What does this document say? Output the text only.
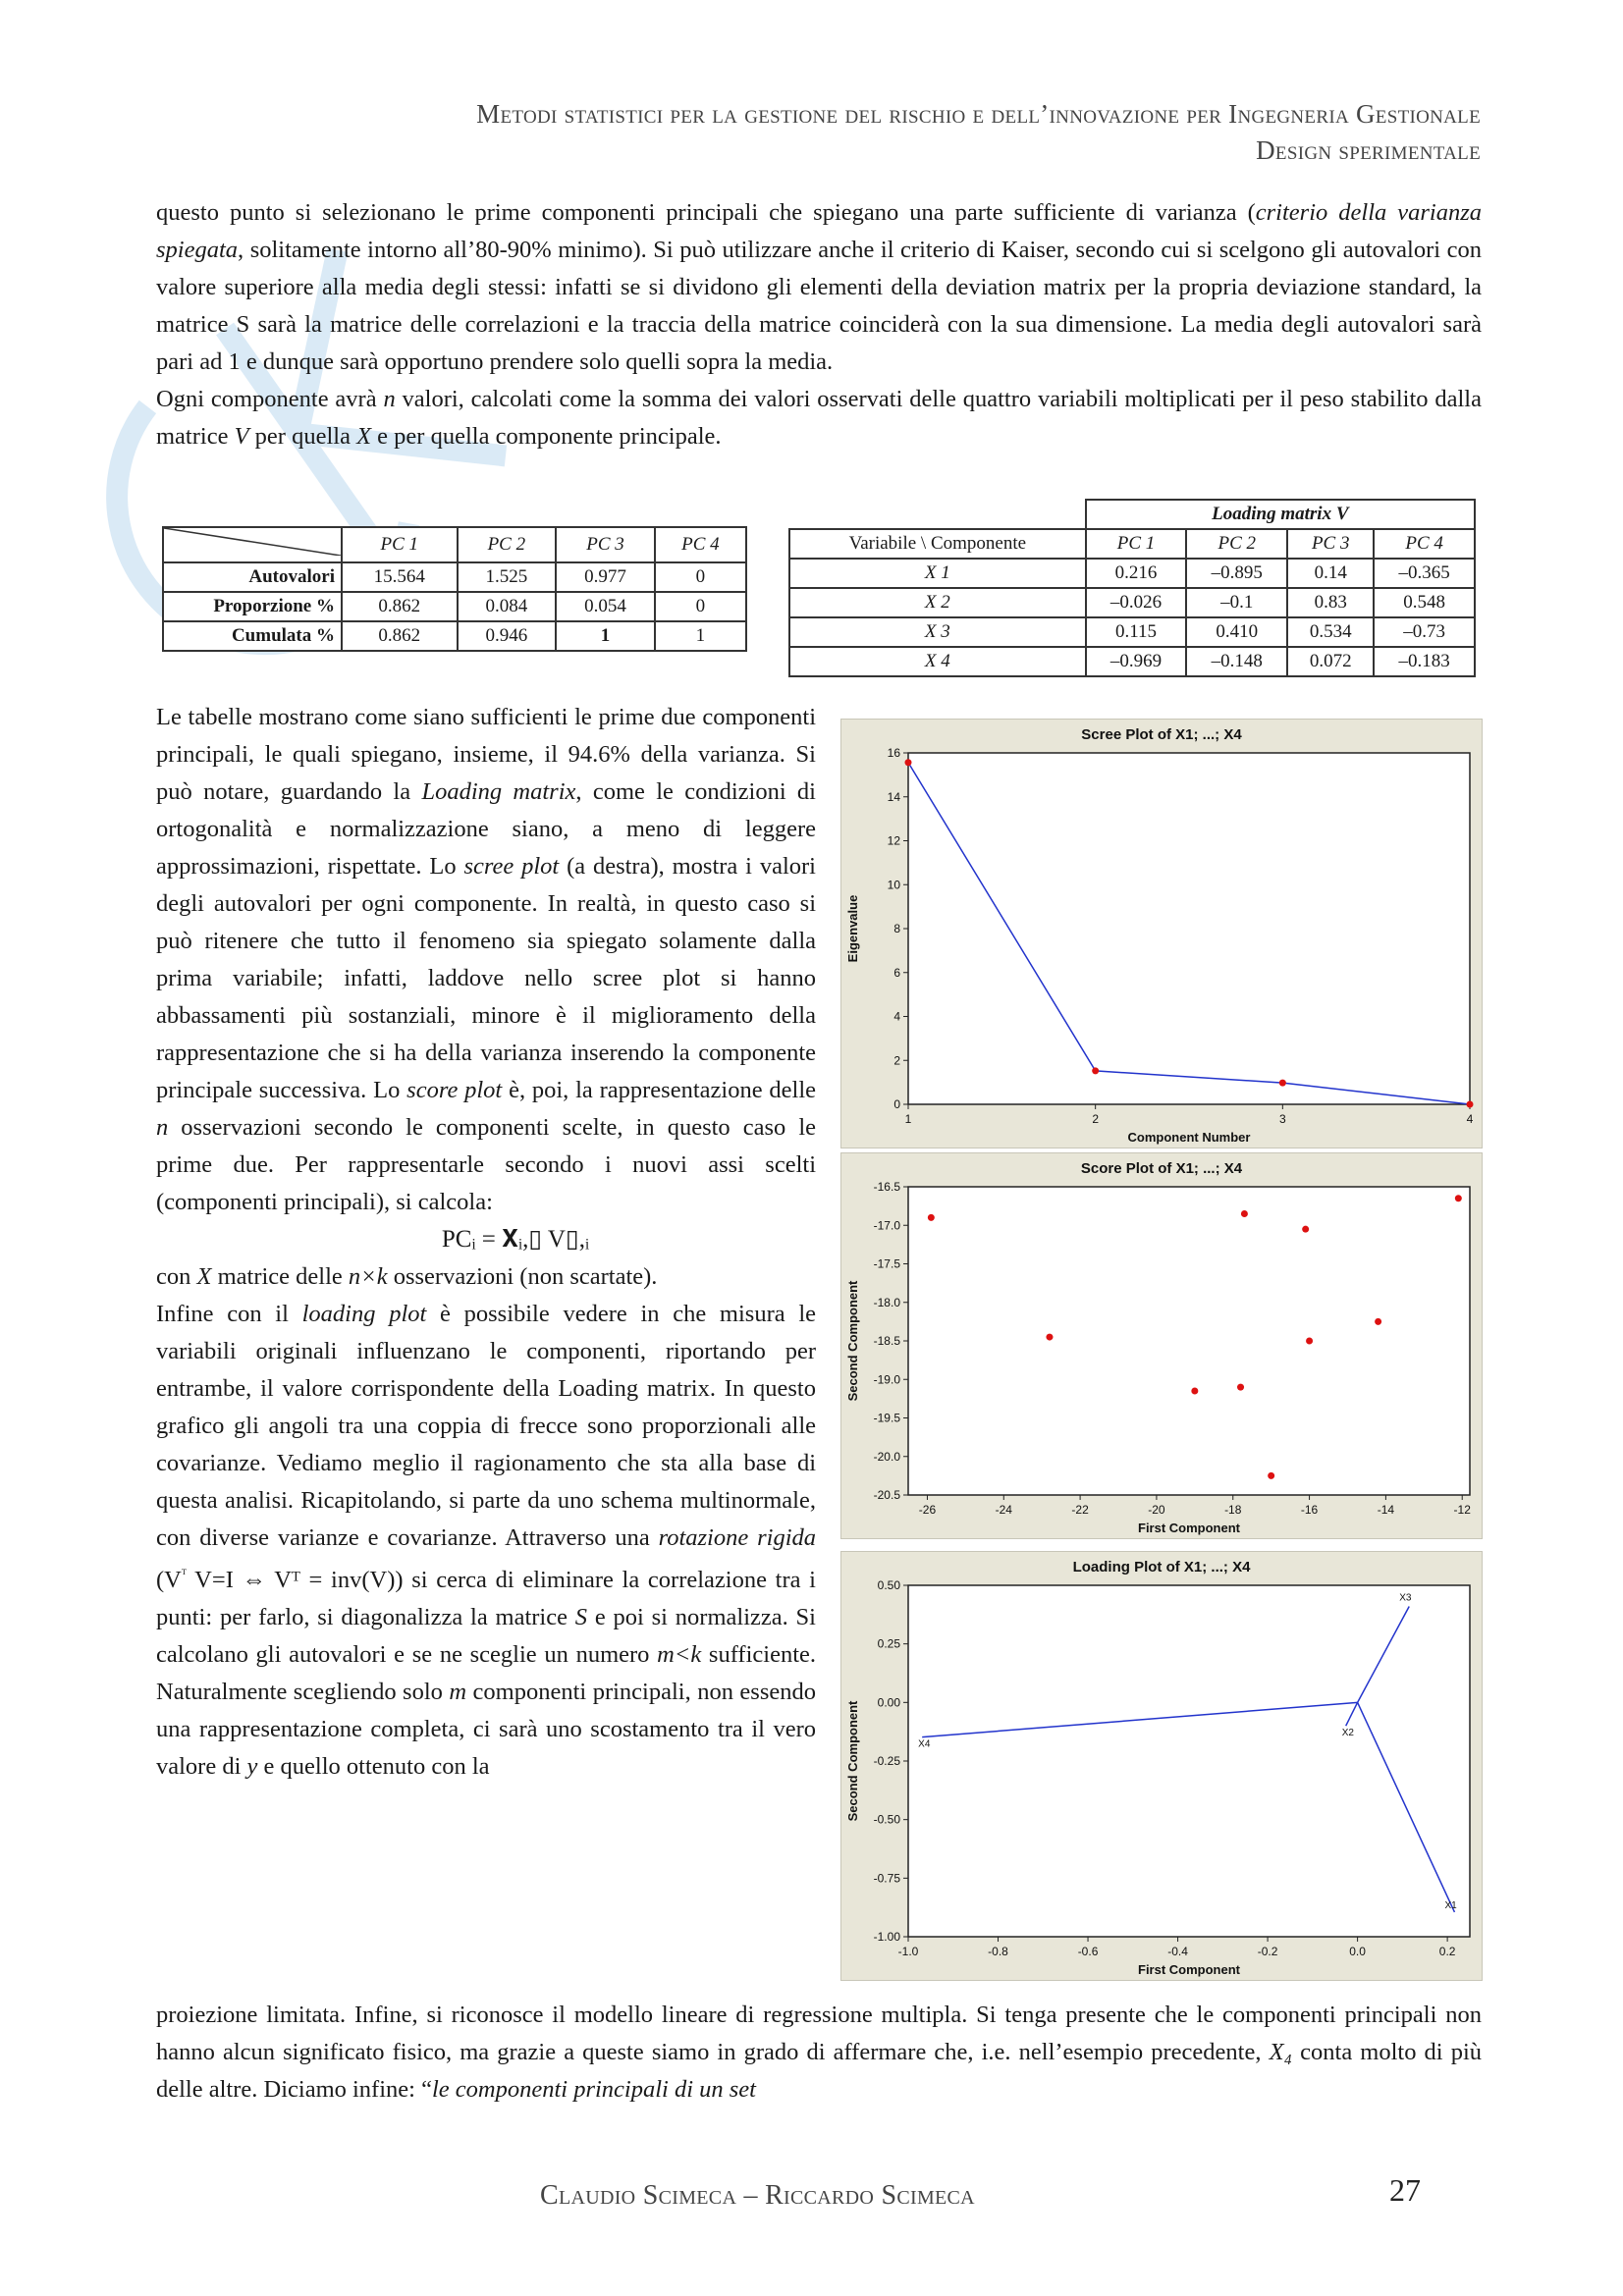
Metodi statistici per la gestione del rischio e dell’innovazione per Ingegneria Gestionale
Design sperimentale

questo punto si selezionano le prime componenti principali che spiegano una parte sufficiente di varianza (criterio della varianza spiegata, solitamente intorno all’80-90% minimo). Si può utilizzare anche il criterio di Kaiser, secondo cui si scelgono gli autovalori con valore superiore alla media degli stessi: infatti se si dividono gli elementi della deviation matrix per la propria deviazione standard, la matrice S sarà la matrice delle correlazioni e la traccia della matrice coinciderà con la sua dimensione. La media degli autovalori sarà pari ad 1 e dunque sarà opportuno prendere solo quelli sopra la media.

Ogni componente avrà n valori, calcolati come la somma dei valori osservati delle quattro variabili moltiplicati per il peso stabilito dalla matrice V per quella X e per quella componente principale.

	PC 1	PC 2	PC 3	PC 4
Autovalori	15.564	1.525	0.977	0
Proporzione %	0.862	0.084	0.054	0
Cumulata %	0.862	0.946	1	1
	Loading matrix V			
Variabile \ Componente	PC 1	PC 2	PC 3	PC 4
X 1	0.216	–0.895	0.14	–0.365
X 2	–0.026	–0.1	0.83	0.548
X 3	0.115	0.410	0.534	–0.73
X 4	–0.969	–0.148	0.072	–0.183

Le tabelle mostrano come siano sufficienti le prime due componenti principali, le quali spiegano, insieme, il 94.6% della varianza. Si può notare, guardando la Loading matrix, come le condizioni di ortogonalità e normalizzazione siano, a meno di leggere approssimazioni, rispettate. Lo scree plot (a destra), mostra i valori degli autovalori per ogni componente. In realtà, in questo caso si può ritenere che tutto il fenomeno sia spiegato solamente dalla prima variabile; infatti, laddove nello scree plot si hanno abbassamenti più sostanziali, minore è il miglioramento della rappresentazione che si ha della varianza inserendo la componente principale successiva. Lo score plot è, poi, la rappresentazione delle n osservazioni secondo le componenti scelte, in questo caso le prime due. Per rappresentarle secondo i nuovi assi scelti (componenti principali), si calcola:

PCᵢ = 𝐗ᵢ,▯ V▯,ᵢ

con X matrice delle n×k osservazioni (non scartate).

Infine con il loading plot è possibile vedere in che misura le variabili originali influenzano le componenti, riportando per entrambe, il valore corrispondente della Loading matrix. In questo grafico gli angoli tra una coppia di frecce sono proporzionali alle covarianze. Vediamo meglio il ragionamento che sta alla base di questa analisi. Ricapitolando, si parte da uno schema multinormale, con diverse varianze e covarianze. Attraverso una rotazione rigida ($V^ᵀ$ V=I ⇔ Vᵀ = inv(V)) si cerca di eliminare la correlazione tra i punti: per farlo, si diagonalizza la matrice S e poi si normalizza. Si calcolano gli autovalori e se ne sceglie un numero m<k sufficiente. Naturalmente scegliendo solo m componenti principali, non essendo una rappresentazione completa, ci sarà uno scostamento tra il vero valore di y e quello ottenuto con la

proiezione limitata. Infine, si riconosce il modello lineare di regressione multipla. Si tenga presente che le componenti principali non hanno alcun significato fisico, ma grazie a queste siamo in grado di affermare che, i.e. nell’esempio precedente, X₄ conta molto di più delle altre. Diciamo infine: “le componenti principali di un set

Scree Plot of X1; ...; X4
Component Number
Eigenvalue
1	2	3	4
0
2
4
6
8
10
12
14
16
Score Plot of X1; ...; X4
First Component
Second Component
-26	-24	-22	-20	-18	-16	-14	-12
-16.5
-17.0
-17.5
-18.0
-18.5
-19.0
-19.5
-20.0
-20.5
Loading Plot of X1; ...; X4
First Component
Second Component
-1.0	-0.8	-0.6	-0.4	-0.2	0.0	0.2
0.50
0.25
0.00
-0.25
-0.50
-0.75
-1.00
X1
X2
X3
X4
Claudio Scimeca – Riccardo Scimeca	27
